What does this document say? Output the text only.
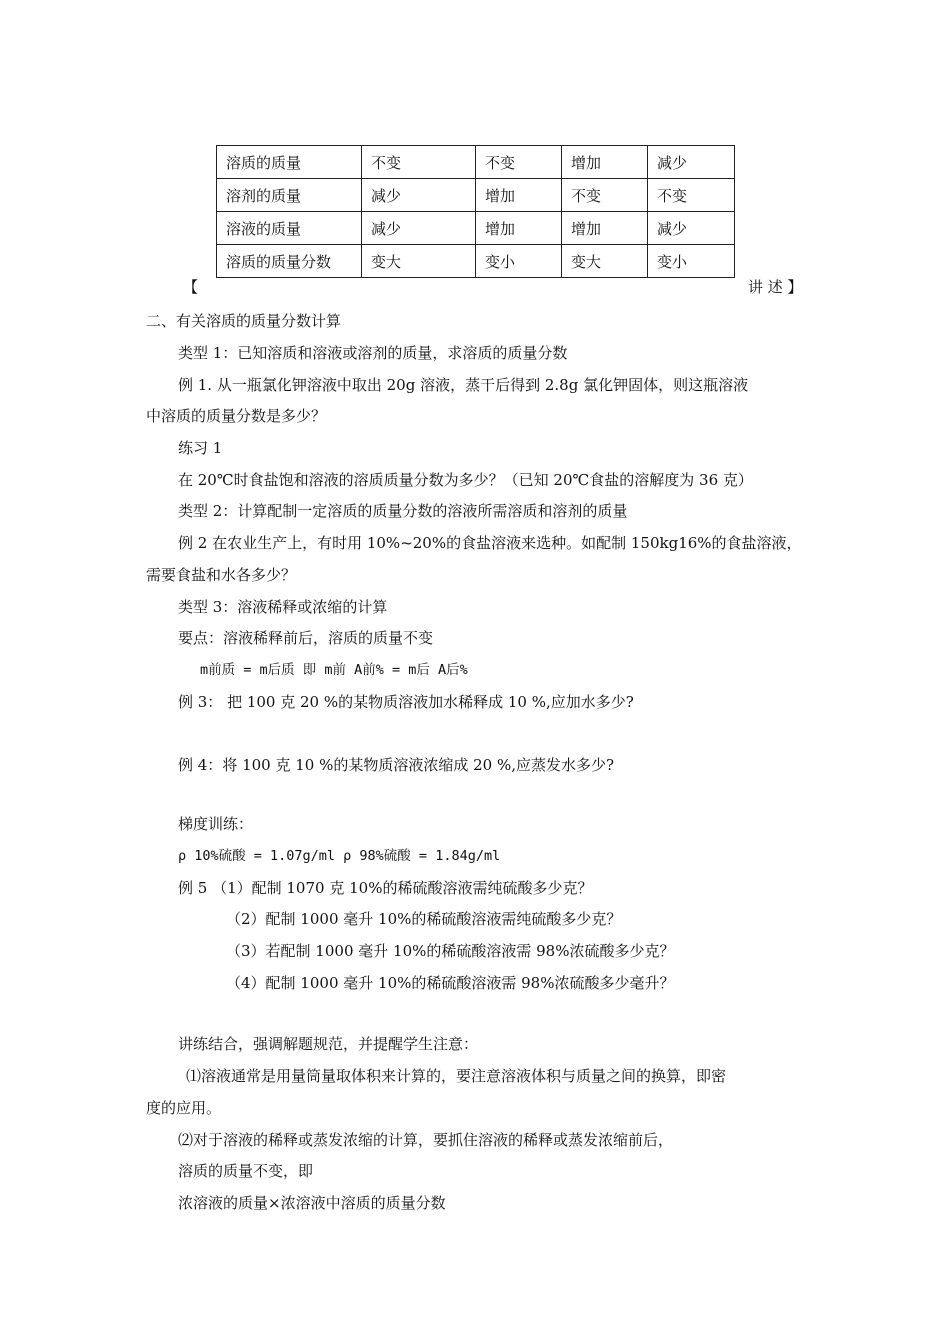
溶质的质量	不变	不变	增加	减少
溶剂的质量	减少	增加	不变	不变
溶液的质量	减少	增加	增加	减少
溶质的质量分数	变大	变小	变大	变小
【	讲 述 】
二、有关溶质的质量分数计算
类型 1：已知溶质和溶液或溶剂的质量，求溶质的质量分数
例 1. 从一瓶氯化钾溶液中取出 20g 溶液，蒸干后得到 2.8g 氯化钾固体，则这瓶溶液
中溶质的质量分数是多少？
练习 1
在 20℃时食盐饱和溶液的溶质质量分数为多少？（已知 20℃食盐的溶解度为 36 克）
类型 2：计算配制一定溶质的质量分数的溶液所需溶质和溶剂的质量
例 2 在农业生产上，有时用 10%~20%的食盐溶液来选种。如配制 150kg16%的食盐溶液，
需要食盐和水各多少？
类型 3：溶液稀释或浓缩的计算
要点：溶液稀释前后，溶质的质量不变
m前质 = m后质 即 m前 A前% = m后 A后%
例 3： 把 100 克 20 %的某物质溶液加水稀释成 10 %,应加水多少?
例 4：将 100 克 10 %的某物质溶液浓缩成 20 %,应蒸发水多少?
梯度训练：
ρ 10%硫酸 = 1.07g/ml ρ 98%硫酸 = 1.84g/ml
例 5 （1）配制 1070 克 10%的稀硫酸溶液需纯硫酸多少克？
（2）配制 1000 毫升 10%的稀硫酸溶液需纯硫酸多少克？
（3）若配制 1000 毫升 10%的稀硫酸溶液需 98%浓硫酸多少克？
（4）配制 1000 毫升 10%的稀硫酸溶液需 98%浓硫酸多少毫升？
讲练结合，强调解题规范，并提醒学生注意：
⑴溶液通常是用量筒量取体积来计算的，要注意溶液体积与质量之间的换算，即密
度的应用。
⑵对于溶液的稀释或蒸发浓缩的计算，要抓住溶液的稀释或蒸发浓缩前后，
溶质的质量不变，即
浓溶液的质量×浓溶液中溶质的质量分数
